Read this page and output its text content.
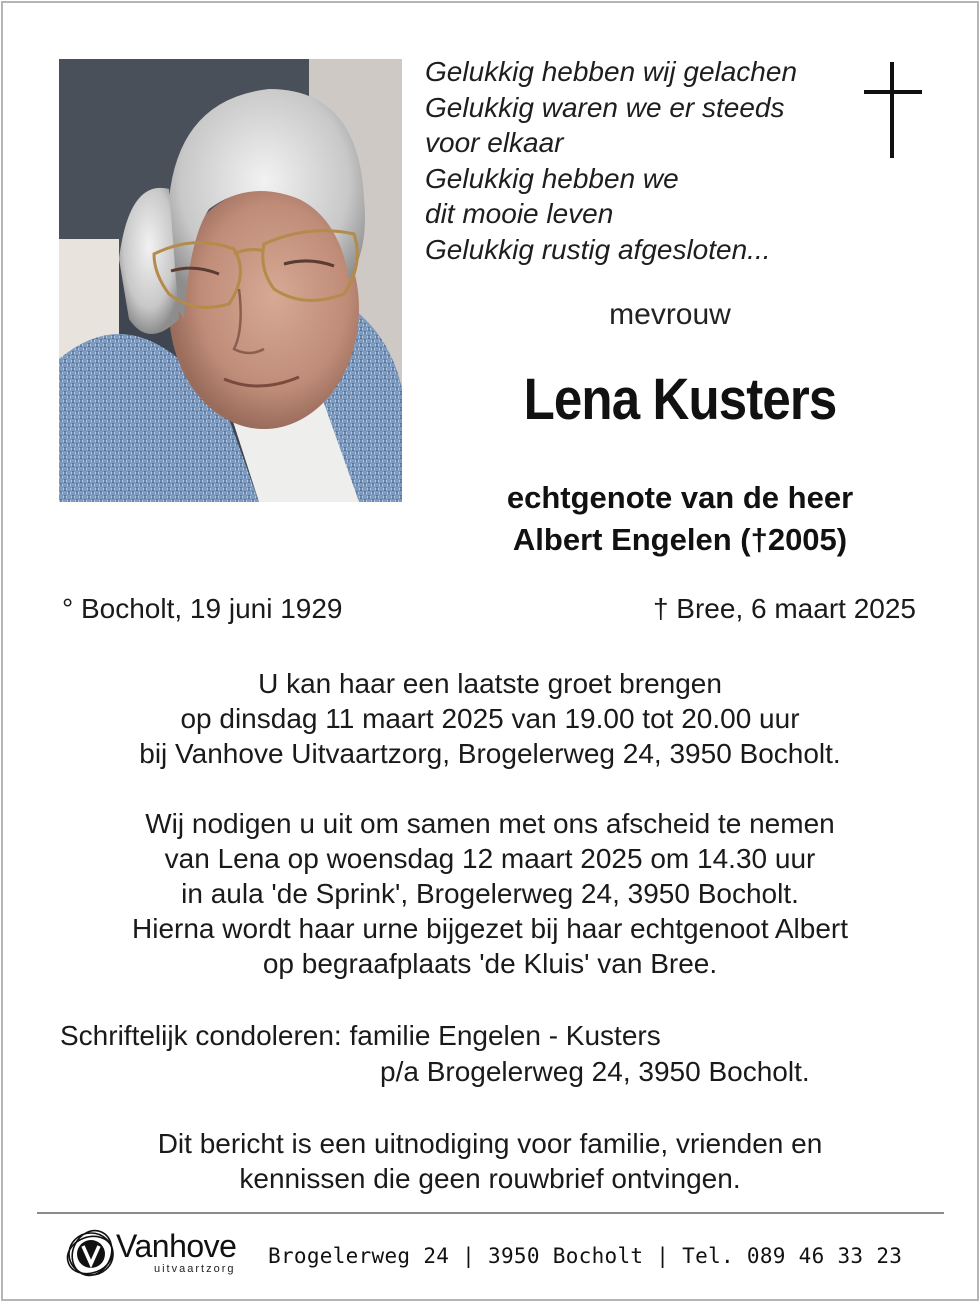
Gelukkig hebben wij gelachen
Gelukkig waren we er steeds
voor elkaar
Gelukkig hebben we
dit mooie leven
Gelukkig rustig afgesloten...
mevrouw
Lena Kusters
echtgenote van de heer
Albert Engelen (†2005)
° Bocholt, 19 juni 1929	† Bree, 6 maart 2025
U kan haar een laatste groet brengen
op dinsdag 11 maart 2025 van 19.00 tot 20.00 uur
bij Vanhove Uitvaartzorg, Brogelerweg 24, 3950 Bocholt.
Wij nodigen u uit om samen met ons afscheid te nemen
van Lena op woensdag 12 maart 2025 om 14.30 uur
in aula 'de Sprink', Brogelerweg 24, 3950 Bocholt.
Hierna wordt haar urne bijgezet bij haar echtgenoot Albert
op begraafplaats 'de Kluis' van Bree.
Schriftelijk condoleren: familie Engelen - Kusters
p/a Brogelerweg 24, 3950 Bocholt.
Dit bericht is een uitnodiging voor familie, vrienden en
kennissen die geen rouwbrief ontvingen.
Vanhove
uitvaartzorg
Brogelerweg 24 | 3950 Bocholt | Tel. 089 46 33 23
